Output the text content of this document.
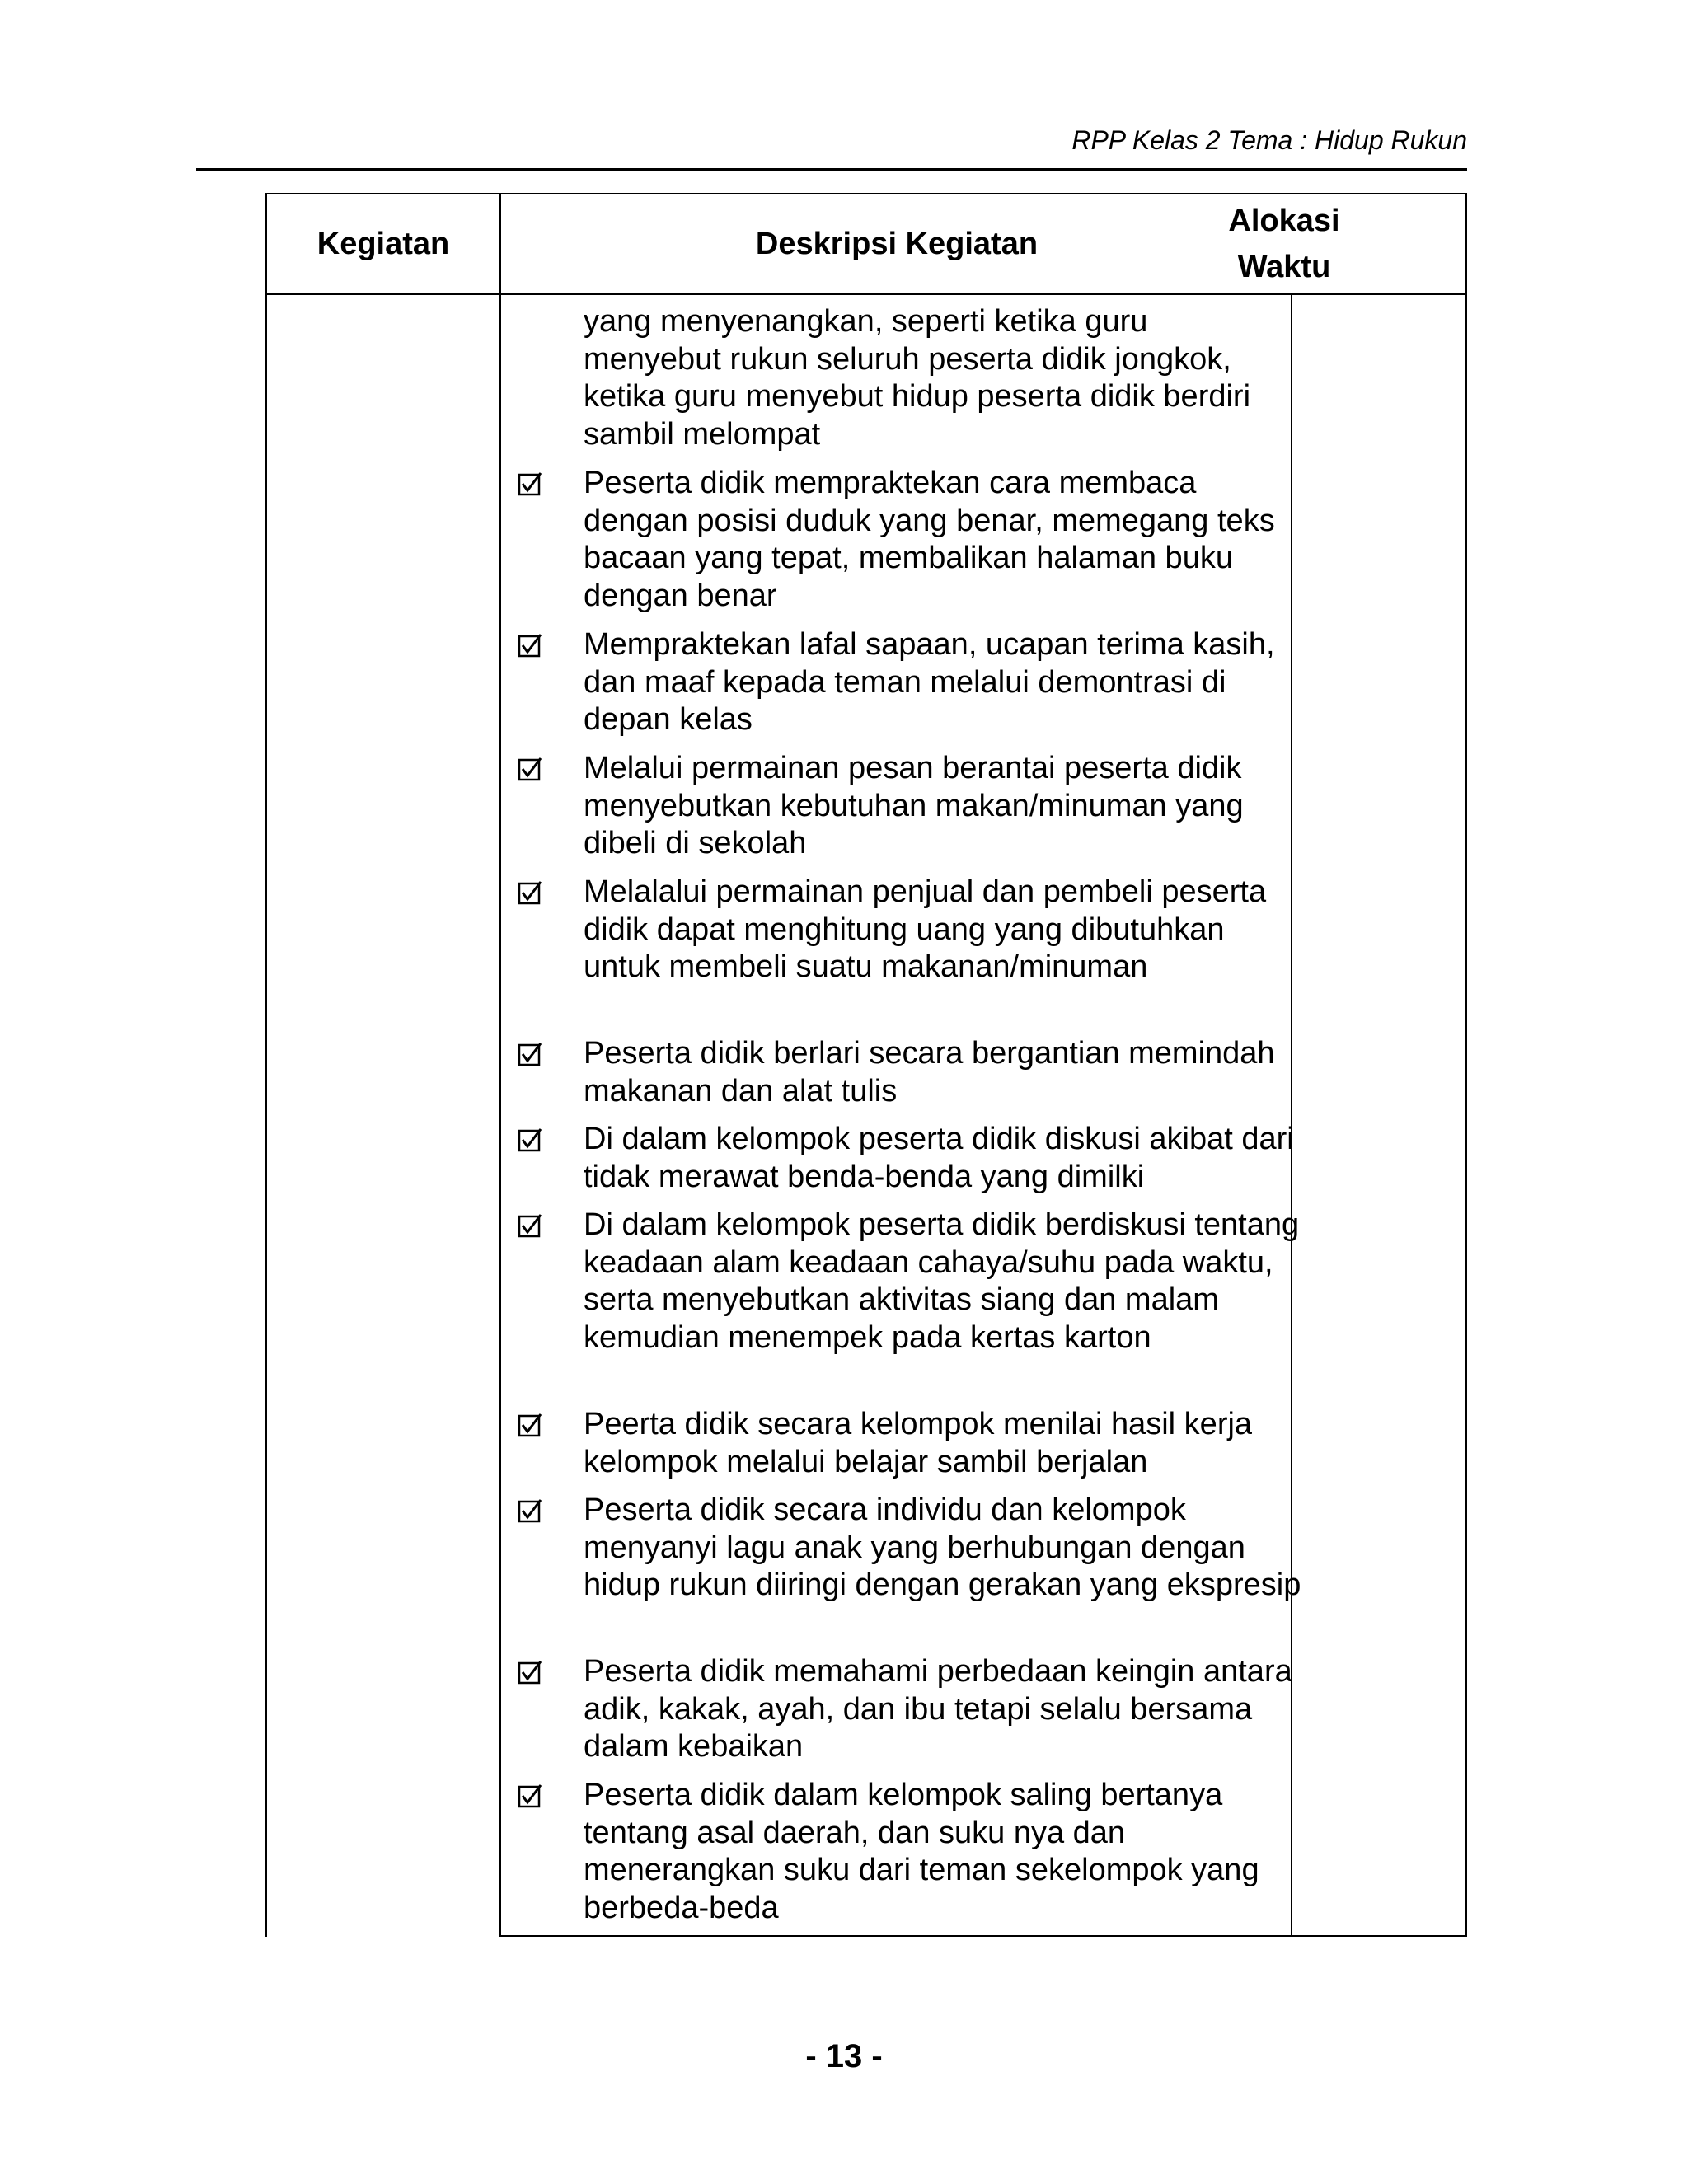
RPP Kelas 2 Tema : Hidup Rukun
Kegiatan	Deskripsi Kegiatan
Alokasi
Waktu
yang menyenangkan, seperti ketika guru menyebut rukun seluruh peserta didik jongkok, ketika guru menyebut hidup peserta didik berdiri sambil melompat
Peserta didik mempraktekan cara membaca dengan posisi duduk yang benar, memegang teks bacaan yang tepat, membalikan halaman buku dengan benar
Mempraktekan lafal sapaan, ucapan terima kasih, dan maaf kepada teman melalui demontrasi di depan kelas
Melalui permainan pesan berantai peserta didik menyebutkan kebutuhan makan/minuman yang dibeli di sekolah
Melalalui permainan penjual dan pembeli peserta didik dapat menghitung uang yang dibutuhkan untuk membeli suatu makanan/minuman
Peserta didik berlari secara bergantian memindah makanan dan alat tulis
Di dalam kelompok peserta didik diskusi akibat dari tidak merawat benda-benda yang dimilki
Di dalam kelompok peserta didik berdiskusi tentang keadaan alam keadaan cahaya/suhu pada waktu, serta menyebutkan aktivitas siang dan malam kemudian menempek pada kertas karton
Peerta didik secara kelompok menilai hasil kerja kelompok melalui belajar sambil berjalan
Peserta didik secara individu dan kelompok menyanyi lagu anak yang berhubungan dengan hidup rukun diiringi dengan gerakan yang ekspresip
Peserta didik memahami perbedaan keingin antara adik, kakak, ayah, dan ibu tetapi selalu bersama dalam kebaikan
Peserta didik dalam kelompok saling bertanya tentang asal daerah, dan suku nya dan menerangkan suku dari teman sekelompok yang berbeda-beda
- 13 -
